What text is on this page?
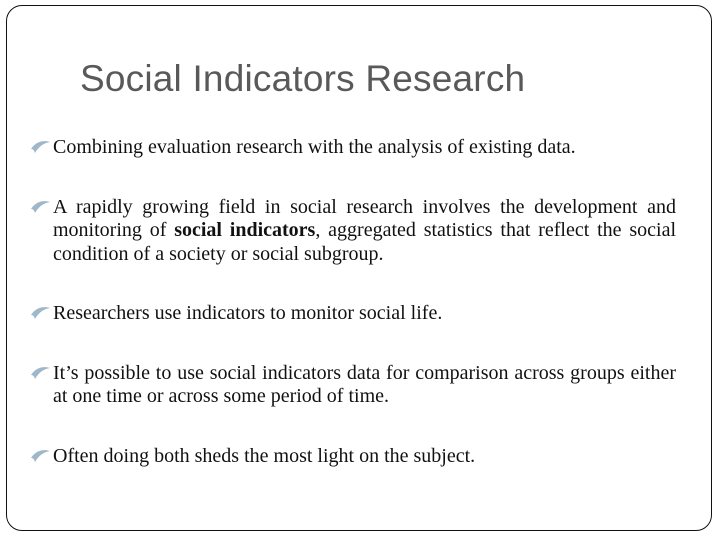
Social Indicators Research
Combining evaluation research with the analysis of existing data.
A rapidly growing field in social research involves the development and monitoring of social indicators, aggregated statistics that reflect the social condition of a society or social subgroup.
Researchers use indicators to monitor social life.
It’s possible to use social indicators data for comparison across groups either at one time or across some period of time.
Often doing both sheds the most light on the subject.
